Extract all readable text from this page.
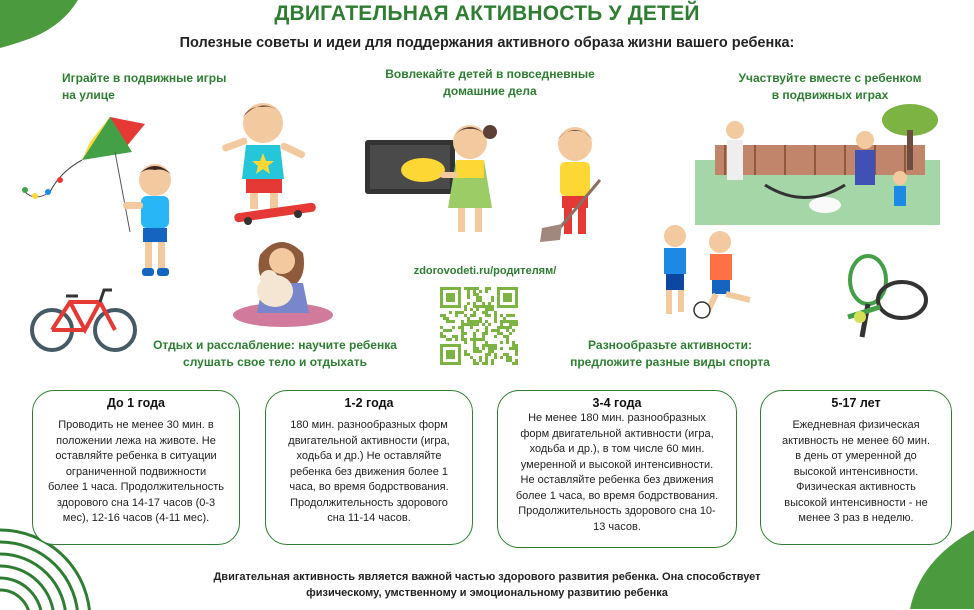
ДВИГАТЕЛЬНАЯ АКТИВНОСТЬ У ДЕТЕЙ
Полезные советы и идеи для поддержания активного образа жизни вашего ребенка:
Играйте в подвижные игры
на улице
Вовлекайте детей в повседневные
домашние дела
Участвуйте вместе с ребенком
в подвижных играх
Отдых и расслабление: научите ребенка
слушать свое тело и отдыхать
Разнообразьте активности:
предложите разные виды спорта
zdorovodeti.ru/родителям/
До 1 года
Проводить не менее 30 мин. в
положении лежа на животе. Не
оставляйте ребенка в ситуации
ограниченной подвижности
более 1 часа. Продолжительность
здорового сна 14-17 часов (0-3
мес), 12-16 часов (4-11 мес).
1-2 года
180 мин. разнообразных форм
двигательной активности (игра,
ходьба и др.) Не оставляйте
ребенка без движения более 1
часа, во время бодрствования.
Продолжительность здорового
сна 11-14 часов.
3-4 года
Не менее 180 мин. разнообразных
форм двигательной активности (игра,
ходьба и др.), в том числе 60 мин.
умеренной и высокой интенсивности.
Не оставляйте ребенка без движения
более 1 часа, во время бодрствования.
Продолжительность здорового сна 10-
13 часов.
5-17 лет
Ежедневная физическая
активность не менее 60 мин.
в день от умеренной до
высокой интенсивности.
Физическая активность
высокой интенсивности - не
менее 3 раз в неделю.
Двигательная активность является важной частью здорового развития ребенка. Она способствует
физическому, умственному и эмоциональному развитию ребенка
